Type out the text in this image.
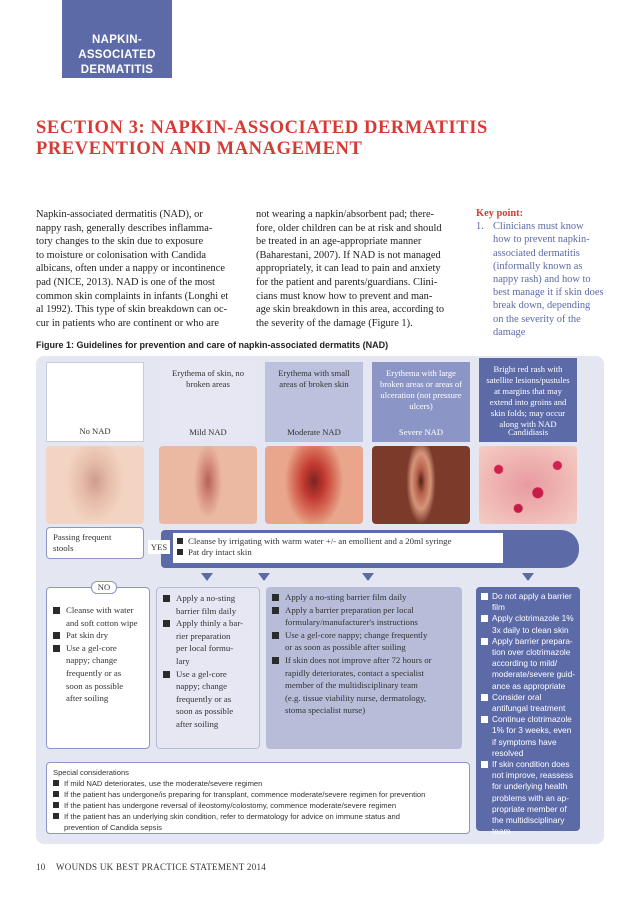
NAPKIN-
ASSOCIATED
DERMATITIS
SECTION 3: NAPKIN-ASSOCIATED DERMATITIS
PREVENTION AND MANAGEMENT
Napkin-associated dermatitis (NAD), or
nappy rash, generally describes inflamma-
tory changes to the skin due to exposure
to moisture or colonisation with Candida
albicans, often under a nappy or incontinence
pad (NICE, 2013). NAD is one of the most
common skin complaints in infants (Longhi et
al 1992). This type of skin breakdown can oc-
cur in patients who are continent or who are
not wearing a napkin/absorbent pad; there-
fore, older children can be at risk and should
be treated in an age-appropriate manner
(Baharestani, 2007). If NAD is not managed
appropriately, it can lead to pain and anxiety
for the patient and parents/guardians. Clini-
cians must know how to prevent and man-
age skin breakdown in this area, according to
the severity of the damage (Figure 1).
Key point:
1. Clinicians must know
how to prevent napkin-
associated dermatitis
(informally known as
nappy rash) and how to
best manage it if skin does
break down, depending
on the severity of the
damage
Figure 1: Guidelines for prevention and care of napkin-associated dermatits (NAD)
No NAD
Erythema of skin, no
broken areas
Mild NAD
Erythema with small
areas of broken skin
Moderate NAD
Erythema with large
broken areas or areas of
ulceration (not pressure
ulcers)
Severe NAD
Bright red rash with
satellite lesions/pustules
at margins that may
extend into groins and
skin folds; may occur
along with NAD
Candidiasis
Passing frequent
stools	YES
Cleanse by irrigating with warm water +/- an emollient and a 20ml syringe
Pat dry intact skin
NO
Cleanse with water
and soft cotton wipe
Pat skin dry
Use a gel-core
nappy; change
frequently or as
soon as possible
after soiling
Apply a no-sting
barrier film daily
Apply thinly a bar-
rier preparation
per local formu-
lary
Use a gel-core
nappy; change
frequently or as
soon as possible
after soiling
Apply a no-sting barrier film daily
Apply a barrier preparation per local
formulary/manufacturer's instructions
Use a gel-core nappy; change frequently
or as soon as possible after soiling
If skin does not improve after 72 hours or
rapidly deteriorates, contact a specialist
member of the multidisciplinary team
(e.g. tissue viability nurse, dermatology,
stoma specialist nurse)
Do not apply a barrier
film
Apply clotrimazole 1%
3x daily to clean skin
Apply barrier prepara-
tion over clotrimazole
according to mild/
moderate/severe guid-
ance as appropriate
Consider oral
antifungal treatment
Continue clotrimazole
1% for 3 weeks, even
if symptoms have
resolved
If skin condition does
not improve, reassess
for underlying health
problems with an ap-
propriate member of
the multidisciplinary
team
Special considerations
If mild NAD deteriorates, use the moderate/severe regimen
If the patient has undergone/is preparing for transplant, commence moderate/severe regimen for prevention
If the patient has undergone reversal of ileostomy/colostomy, commence moderate/severe regimen
If the patient has an underlying skin condition, refer to dermatology for advice on immune status and
prevention of Candida sepsis
10 WOUNDS UK BEST PRACTICE STATEMENT 2014
